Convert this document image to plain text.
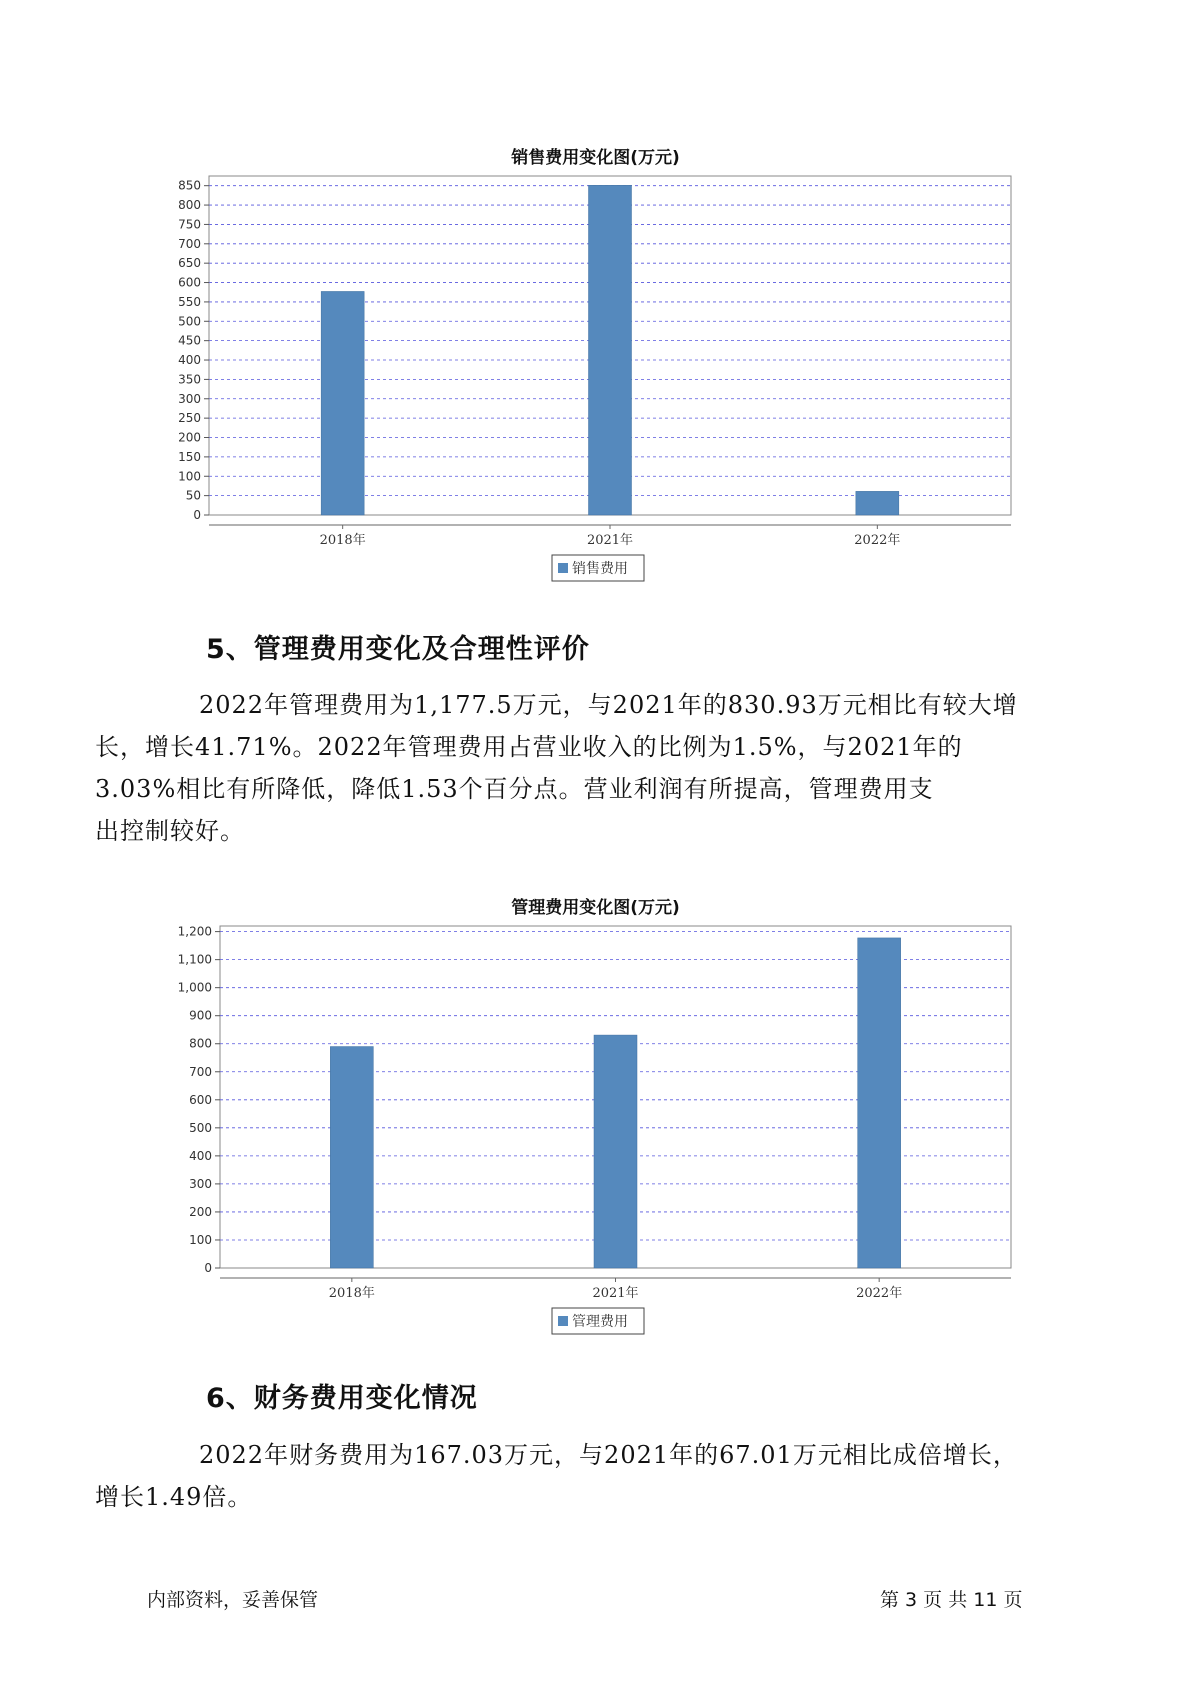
销售费用变化图(万元)
850
800
750
700
650
600
550
500
450
400
350
300
250
200
150
100
50
0
2018年	2021年	2022年
销售费用
5、管理费用变化及合理性评价

2022年管理费用为1,177.5万元，与2021年的830.93万元相比有较大增
长，增长41.71%。2022年管理费用占营业收入的比例为1.5%，与2021年的
3.03%相比有所降低，降低1.53个百分点。营业利润有所提高，管理费用支
出控制较好。

管理费用变化图(万元)
1,200
1,100
1,000
900
800
700
600
500
400
300
200
100
0
2018年	2021年	2022年
管理费用
6、财务费用变化情况

2022年财务费用为167.03万元，与2021年的67.01万元相比成倍增长，
增长1.49倍。

内部资料，妥善保管	第 3 页 共 11 页
